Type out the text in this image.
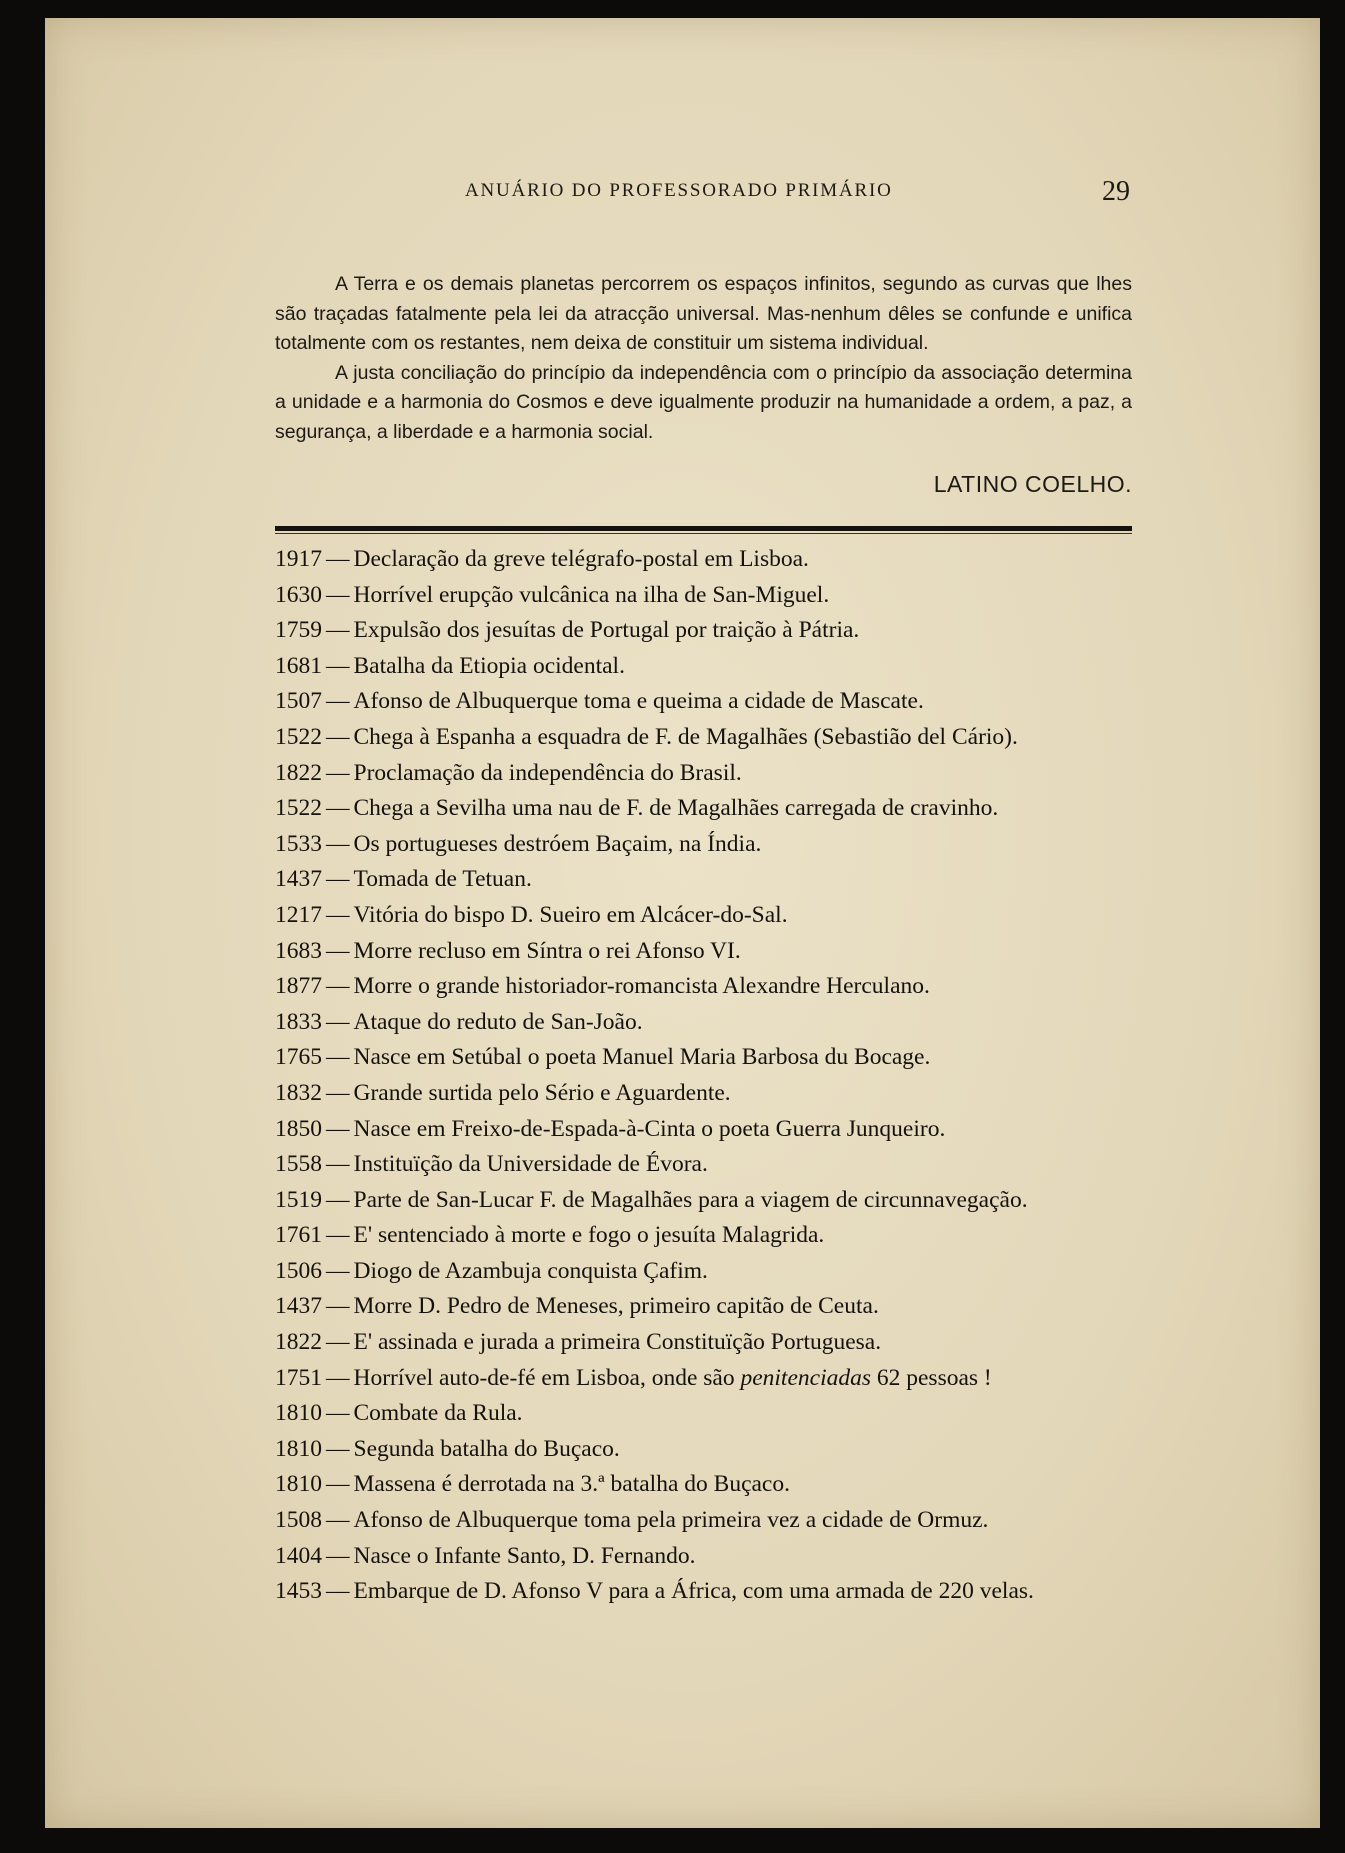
ANUÁRIO DO PROFESSORADO PRIMÁRIO	29

A Terra e os demais planetas percorrem os espaços infinitos, segundo as curvas que lhes são traçadas fatalmente pela lei da atracção universal. Mas-nenhum dêles se confunde e unifica totalmente com os restantes, nem deixa de constituir um sistema individual.

A justa conciliação do princípio da independência com o princípio da associação determina a unidade e a harmonia do Cosmos e deve igualmente produzir na humanidade a ordem, a paz, a segurança, a liberdade e a harmonia social.

LATINO COELHO.
1917 — Declaração da greve telégrafo-postal em Lisboa.
1630 — Horrível erupção vulcânica na ilha de San-Miguel.
1759 — Expulsão dos jesuítas de Portugal por traição à Pátria.
1681 — Batalha da Etiopia ocidental.
1507 — Afonso de Albuquerque toma e queima a cidade de Mascate.
1522 — Chega à Espanha a esquadra de F. de Magalhães (Sebastião del Cário).
1822 — Proclamação da independência do Brasil.
1522 — Chega a Sevilha uma nau de F. de Magalhães carregada de cravinho.
1533 — Os portugueses destróem Baçaim, na Índia.
1437 — Tomada de Tetuan.
1217 — Vitória do bispo D. Sueiro em Alcácer-do-Sal.
1683 — Morre recluso em Síntra o rei Afonso VI.
1877 — Morre o grande historiador-romancista Alexandre Herculano.
1833 — Ataque do reduto de San-João.
1765 — Nasce em Setúbal o poeta Manuel Maria Barbosa du Bocage.
1832 — Grande surtida pelo Sério e Aguardente.
1850 — Nasce em Freixo-de-Espada-à-Cinta o poeta Guerra Junqueiro.
1558 — Instituïção da Universidade de Évora.
1519 — Parte de San-Lucar F. de Magalhães para a viagem de circunnavegação.
1761 — E' sentenciado à morte e fogo o jesuíta Malagrida.
1506 — Diogo de Azambuja conquista Çafim.
1437 — Morre D. Pedro de Meneses, primeiro capitão de Ceuta.
1822 — E' assinada e jurada a primeira Constituïção Portuguesa.
1751 — Horrível auto-de-fé em Lisboa, onde são penitenciadas 62 pessoas !
1810 — Combate da Rula.
1810 — Segunda batalha do Buçaco.
1810 — Massena é derrotada na 3.ª batalha do Buçaco.
1508 — Afonso de Albuquerque toma pela primeira vez a cidade de Ormuz.
1404 — Nasce o Infante Santo, D. Fernando.
1453 — Embarque de D. Afonso V para a África, com uma armada de 220 velas.
